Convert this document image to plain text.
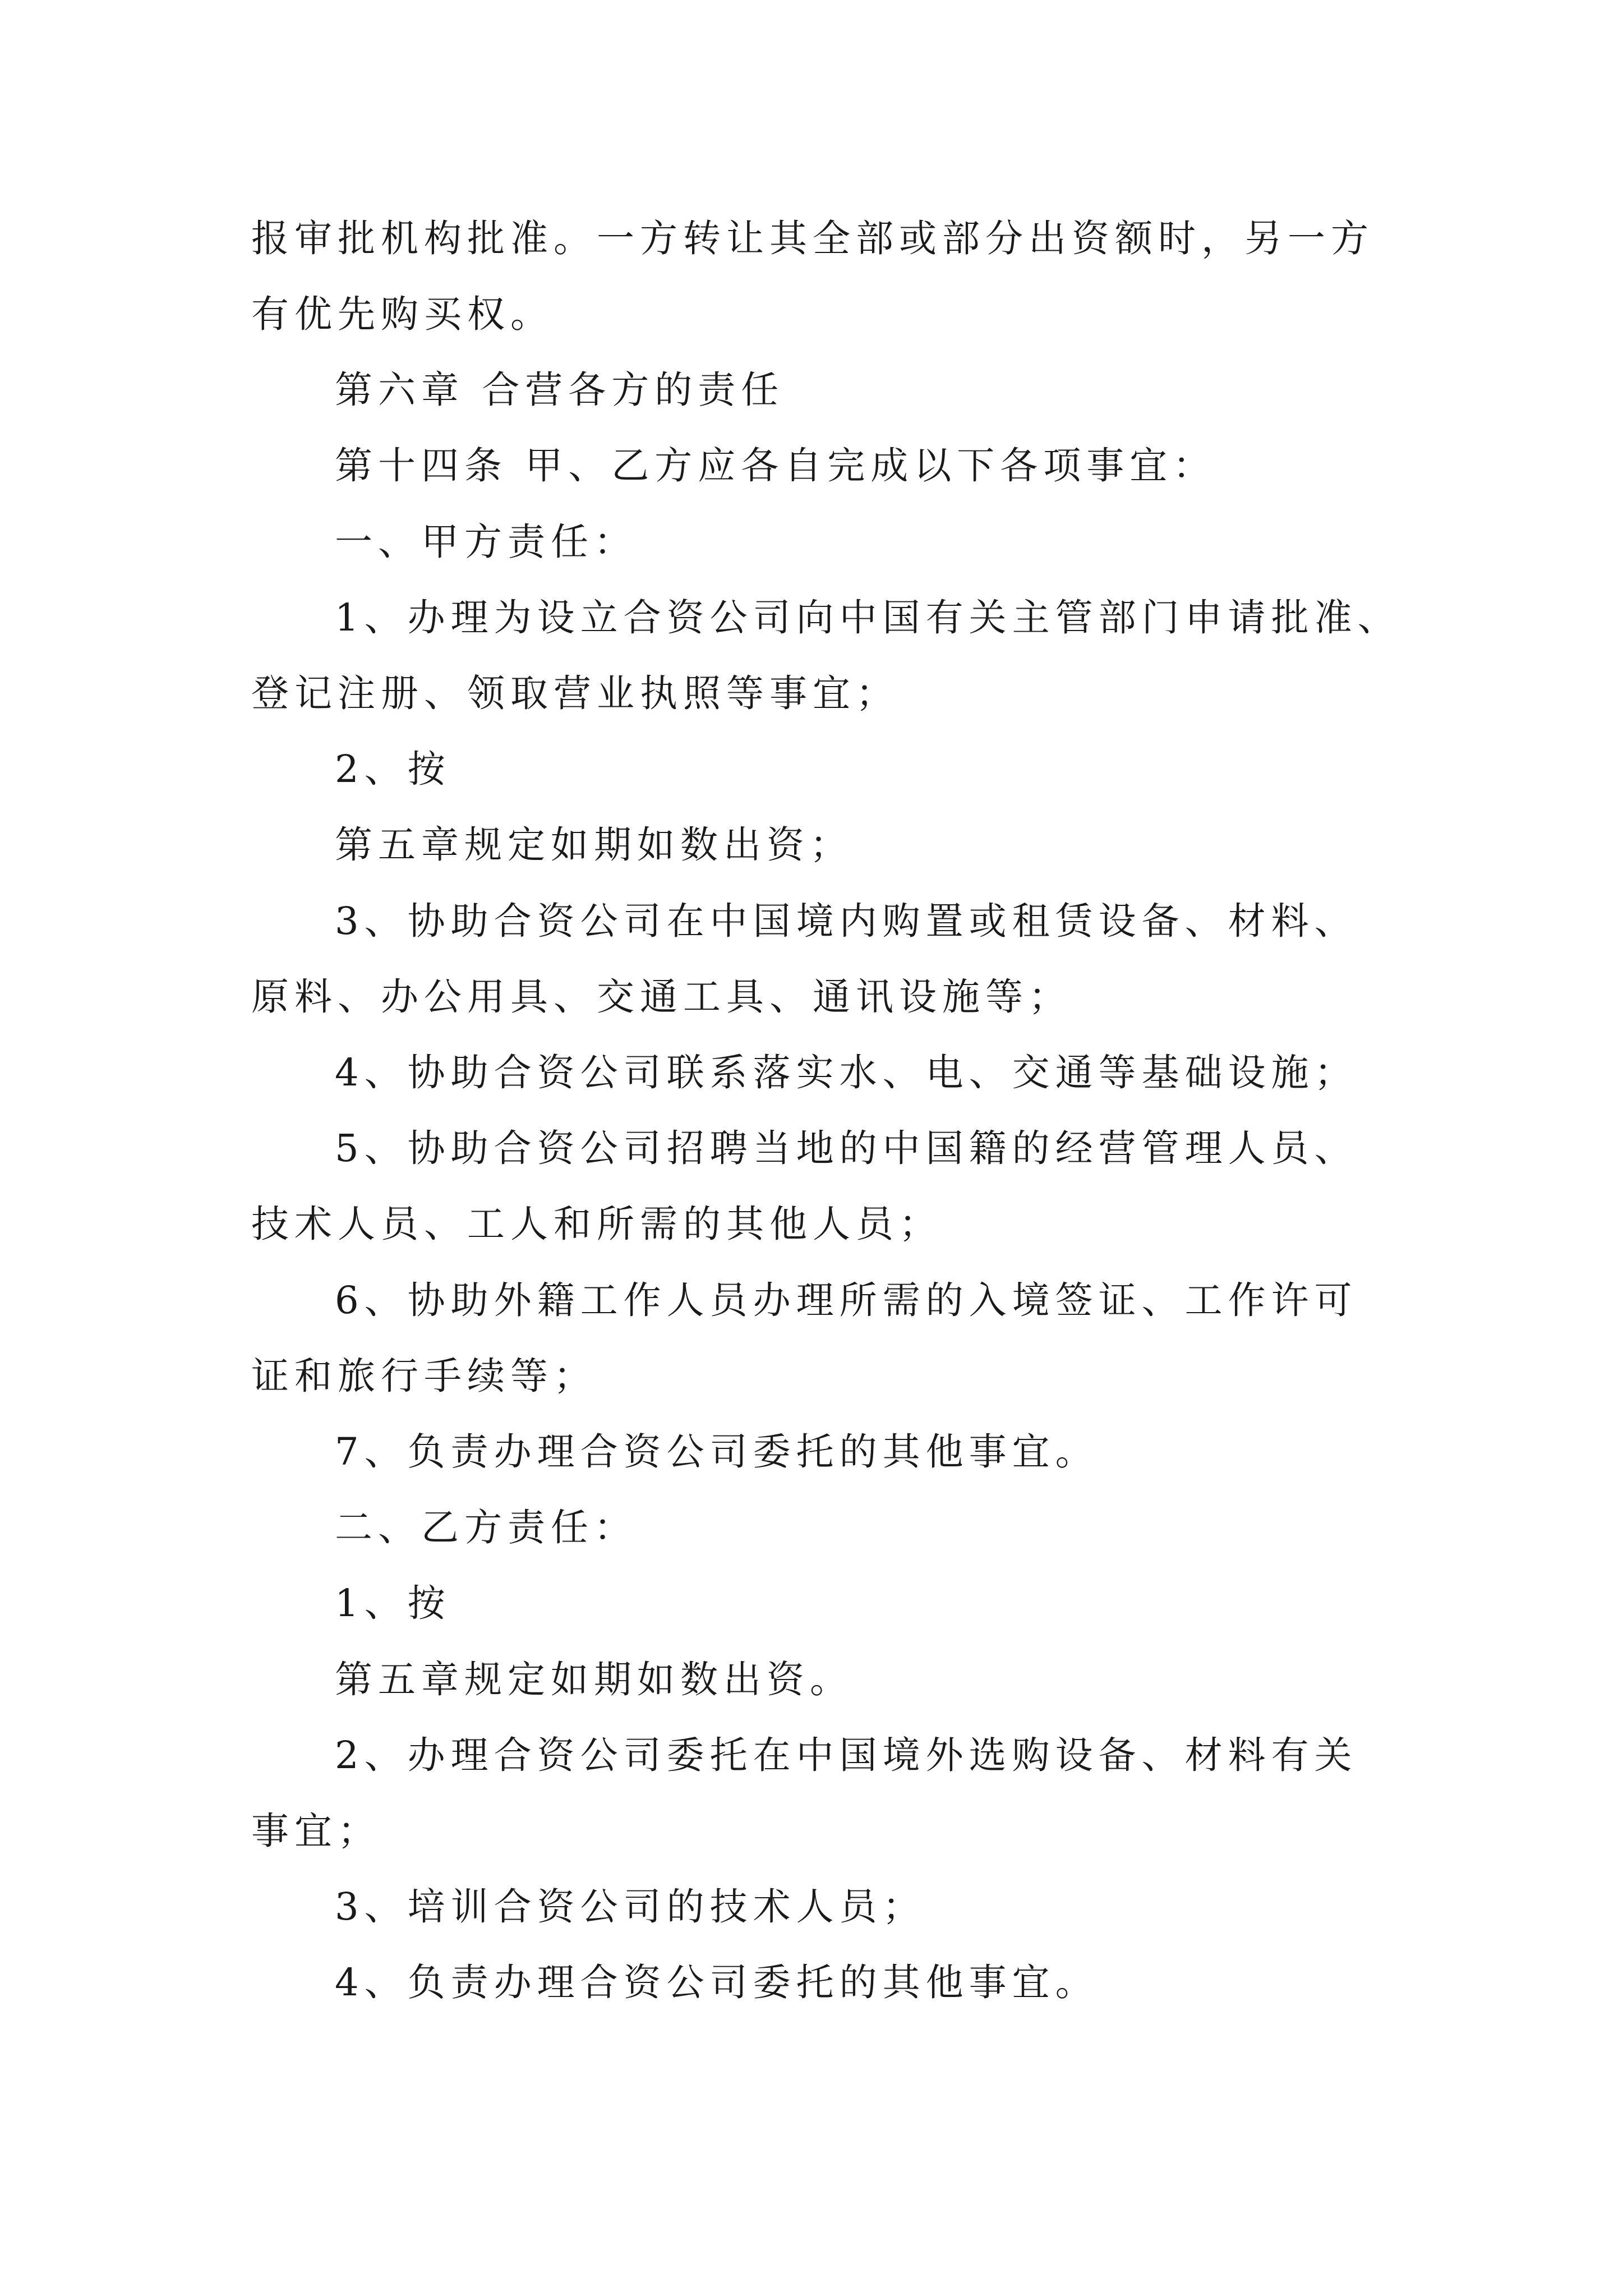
报审批机构批准。一方转让其全部或部分出资额时，另一方

有优先购买权。

第六章 合营各方的责任

第十四条 甲、乙方应各自完成以下各项事宜：

一、甲方责任：

1、办理为设立合资公司向中国有关主管部门申请批准、

登记注册、领取营业执照等事宜；

2、按

第五章规定如期如数出资；

3、协助合资公司在中国境内购置或租赁设备、材料、

原料、办公用具、交通工具、通讯设施等；

4、协助合资公司联系落实水、电、交通等基础设施；

5、协助合资公司招聘当地的中国籍的经营管理人员、

技术人员、工人和所需的其他人员；

6、协助外籍工作人员办理所需的入境签证、工作许可

证和旅行手续等；

7、负责办理合资公司委托的其他事宜。

二、乙方责任：

1、按

第五章规定如期如数出资。

2、办理合资公司委托在中国境外选购设备、材料有关

事宜；

3、培训合资公司的技术人员；

4、负责办理合资公司委托的其他事宜。
